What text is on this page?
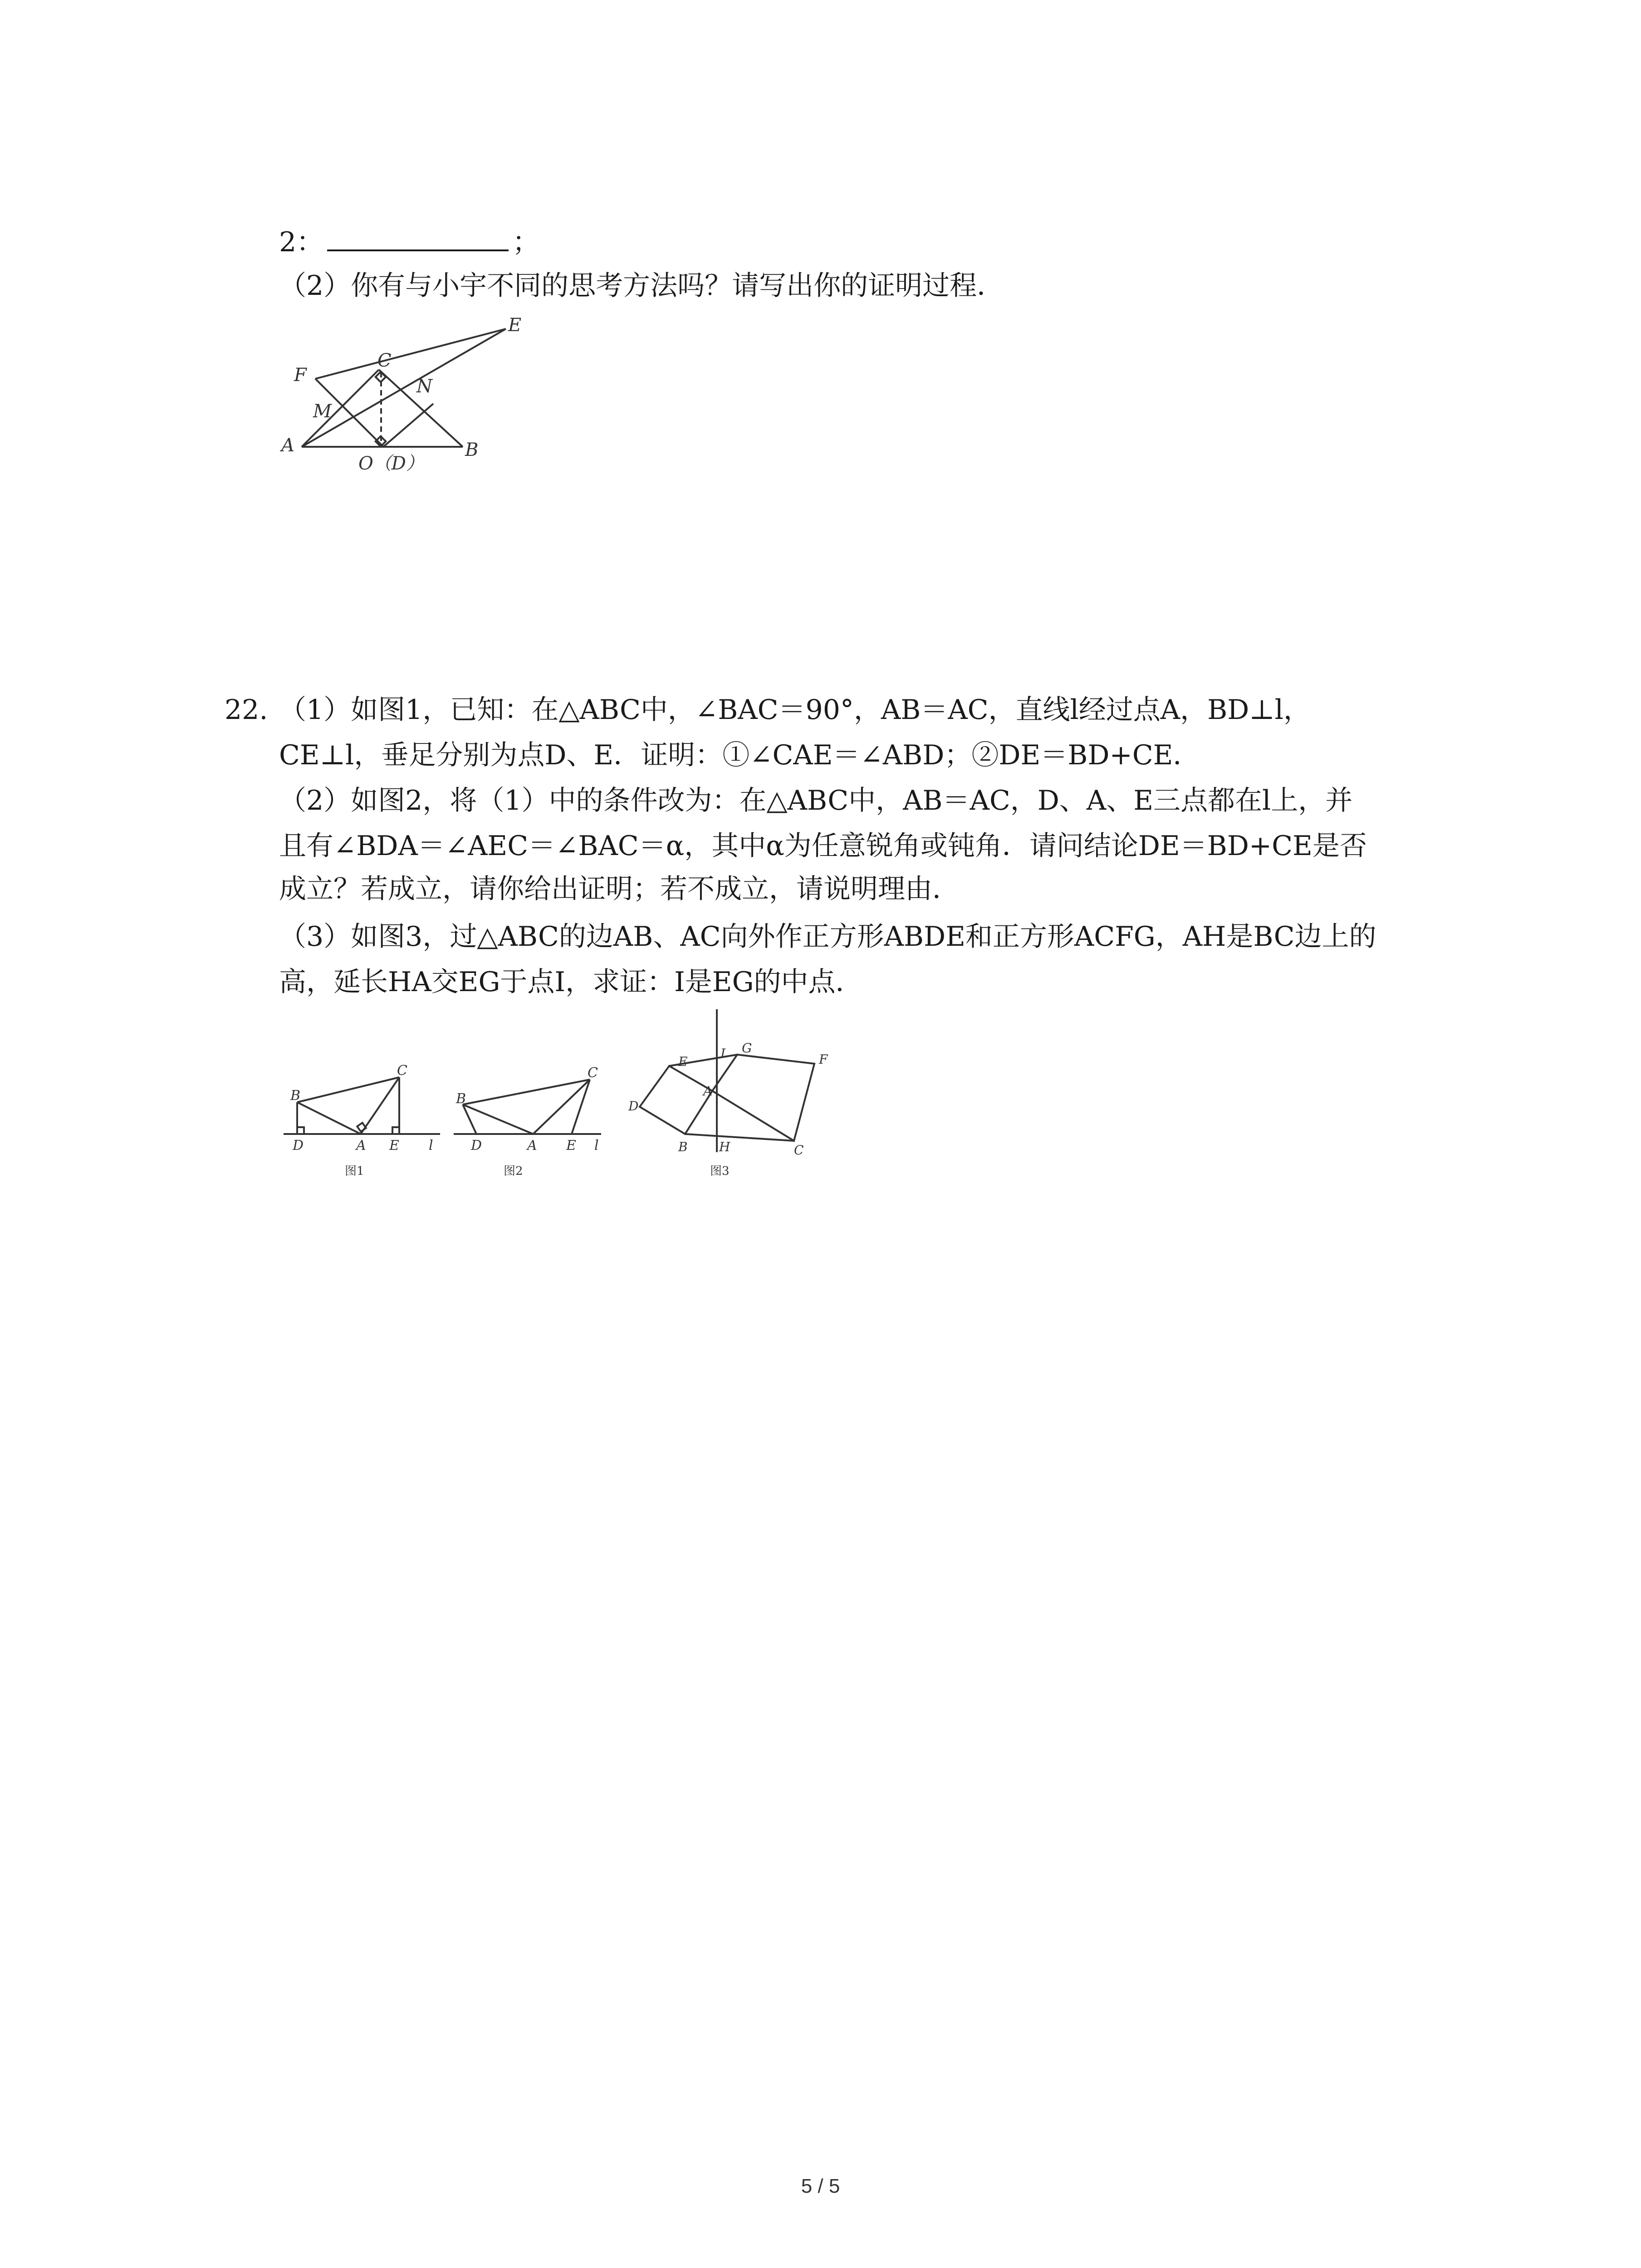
2：	；
（2）你有与小宇不同的思考方法吗？请写出你的证明过程．
F
E
C
M
N
A	B
O（D）
22. （1）如图1，已知：在△ABC中，∠BAC＝90°，AB＝AC，直线l经过点A，BD⊥l，
CE⊥l，垂足分别为点D、E．证明：①∠CAE＝∠ABD；②DE＝BD+CE．
（2）如图2，将（1）中的条件改为：在△ABC中，AB＝AC，D、A、E三点都在l上，并
且有∠BDA＝∠AEC＝∠BAC＝α，其中α为任意锐角或钝角．请问结论DE＝BD+CE是否
成立？若成立，请你给出证明；若不成立，请说明理由．
（3）如图3，过△ABC的边AB、AC向外作正方形ABDE和正方形ACFG，AH是BC边上的
高，延长HA交EG于点I，求证：I是EG的中点．
B
C
D	A E l
图1
B
C
D	A E l
图2
E
I G
D
F
A
B H	C
图3
5 / 5
